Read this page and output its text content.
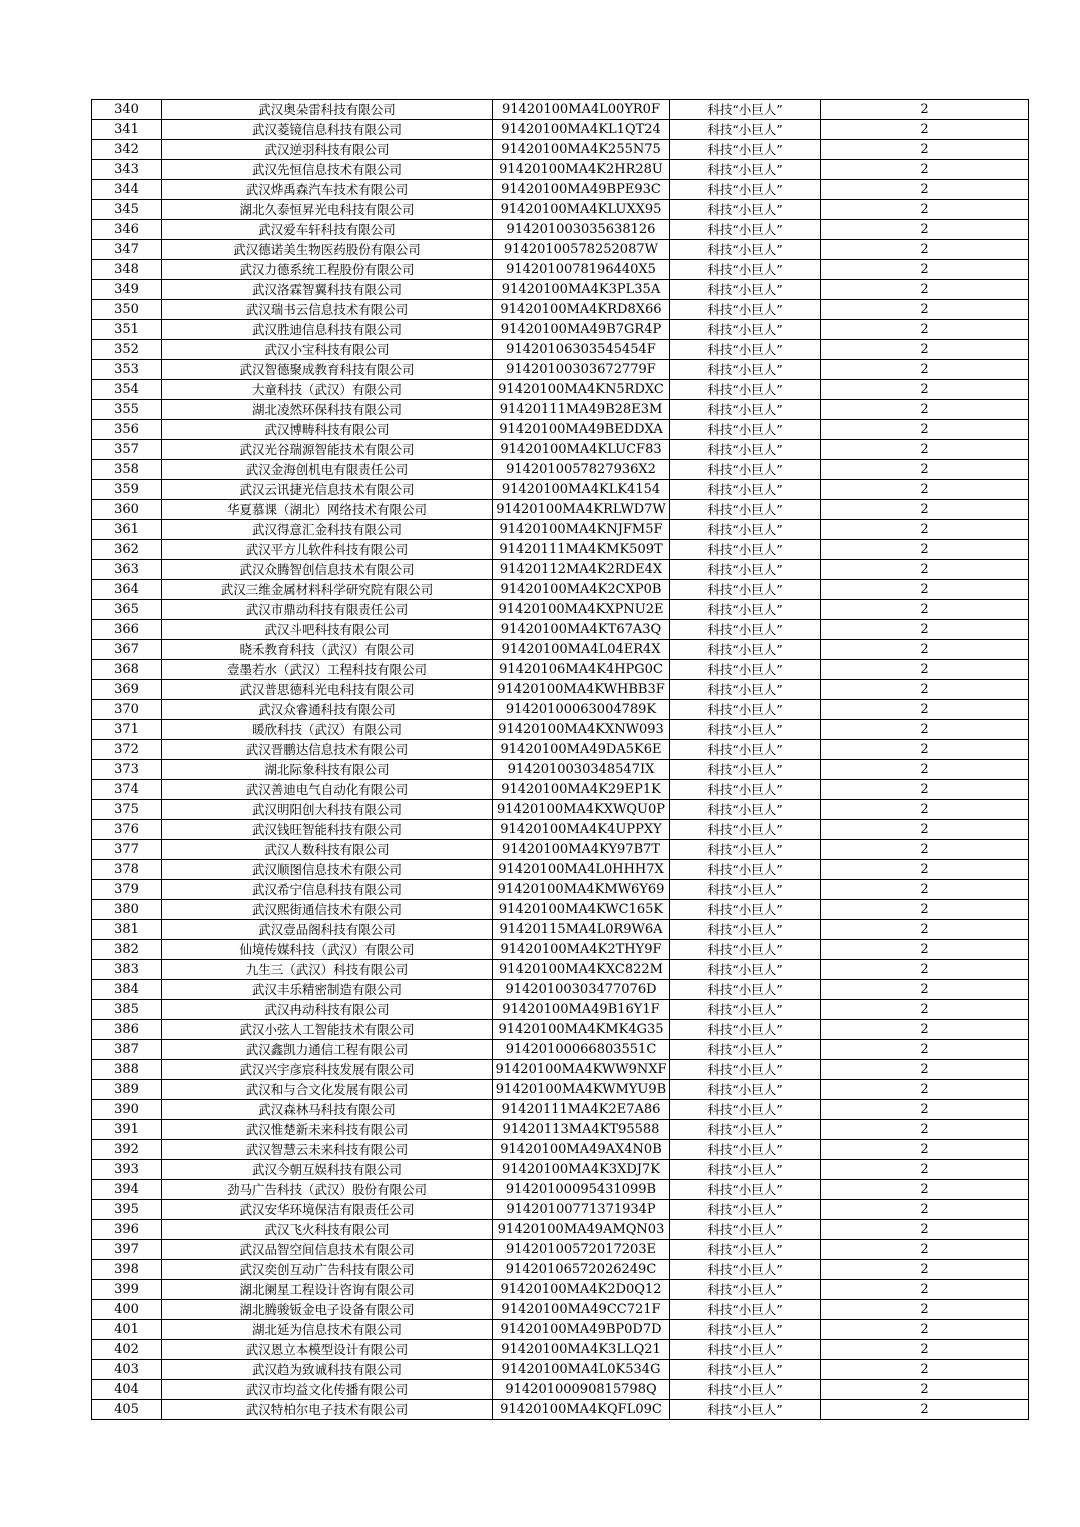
340	武汉奥朵雷科技有限公司	91420100MA4L00YR0F	科技“小巨人”	2
341	武汉菱镜信息科技有限公司	91420100MA4KL1QT24	科技“小巨人”	2
342	武汉逆羽科技有限公司	91420100MA4K255N75	科技“小巨人”	2
343	武汉先恒信息技术有限公司	91420100MA4K2HR28U	科技“小巨人”	2
344	武汉烨禹森汽车技术有限公司	91420100MA49BPE93C	科技“小巨人”	2
345	湖北久泰恒昇光电科技有限公司	91420100MA4KLUXX95	科技“小巨人”	2
346	武汉爱车轩科技有限公司	914201003035638126	科技“小巨人”	2
347	武汉德诺美生物医药股份有限公司	91420100578252087W	科技“小巨人”	2
348	武汉力德系统工程股份有限公司	9142010078196440X5	科技“小巨人”	2
349	武汉洛霖智翼科技有限公司	91420100MA4K3PL35A	科技“小巨人”	2
350	武汉瑞书云信息技术有限公司	91420100MA4KRD8X66	科技“小巨人”	2
351	武汉胜迪信息科技有限公司	91420100MA49B7GR4P	科技“小巨人”	2
352	武汉小宝科技有限公司	91420106303545454F	科技“小巨人”	2
353	武汉智德聚成教育科技有限公司	91420100303672779F	科技“小巨人”	2
354	大童科技（武汉）有限公司	91420100MA4KN5RDXC	科技“小巨人”	2
355	湖北凌然环保科技有限公司	91420111MA49B28E3M	科技“小巨人”	2
356	武汉博畴科技有限公司	91420100MA49BEDDXA	科技“小巨人”	2
357	武汉光谷瑞源智能技术有限公司	91420100MA4KLUCF83	科技“小巨人”	2
358	武汉金海创机电有限责任公司	9142010057827936X2	科技“小巨人”	2
359	武汉云讯捷光信息技术有限公司	91420100MA4KLK4154	科技“小巨人”	2
360	华夏慕课（湖北）网络技术有限公司	91420100MA4KRLWD7W	科技“小巨人”	2
361	武汉得意汇金科技有限公司	91420100MA4KNJFM5F	科技“小巨人”	2
362	武汉平方儿软件科技有限公司	91420111MA4KMK509T	科技“小巨人”	2
363	武汉众腾智创信息技术有限公司	91420112MA4K2RDE4X	科技“小巨人”	2
364	武汉三维金属材料科学研究院有限公司	91420100MA4K2CXP0B	科技“小巨人”	2
365	武汉市鼎动科技有限责任公司	91420100MA4KXPNU2E	科技“小巨人”	2
366	武汉斗吧科技有限公司	91420100MA4KT67A3Q	科技“小巨人”	2
367	晓禾教育科技（武汉）有限公司	91420100MA4L04ER4X	科技“小巨人”	2
368	壹墨若水（武汉）工程科技有限公司	91420106MA4K4HPG0C	科技“小巨人”	2
369	武汉普思德科光电科技有限公司	91420100MA4KWHBB3F	科技“小巨人”	2
370	武汉众睿通科技有限公司	91420100063004789K	科技“小巨人”	2
371	暖欣科技（武汉）有限公司	91420100MA4KXNW093	科技“小巨人”	2
372	武汉晋鹏达信息技术有限公司	91420100MA49DA5K6E	科技“小巨人”	2
373	湖北际象科技有限公司	9142010030348547IX	科技“小巨人”	2
374	武汉善迪电气自动化有限公司	91420100MA4K29EP1K	科技“小巨人”	2
375	武汉明阳创大科技有限公司	91420100MA4KXWQU0P	科技“小巨人”	2
376	武汉钱旺智能科技有限公司	91420100MA4K4UPPXY	科技“小巨人”	2
377	武汉人数科技有限公司	91420100MA4KY97B7T	科技“小巨人”	2
378	武汉顺图信息技术有限公司	91420100MA4L0HHH7X	科技“小巨人”	2
379	武汉希宁信息科技有限公司	91420100MA4KMW6Y69	科技“小巨人”	2
380	武汉熙街通信技术有限公司	91420100MA4KWC165K	科技“小巨人”	2
381	武汉壹品阁科技有限公司	91420115MA4L0R9W6A	科技“小巨人”	2
382	仙境传媒科技（武汉）有限公司	91420100MA4K2THY9F	科技“小巨人”	2
383	九生三（武汉）科技有限公司	91420100MA4KXC822M	科技“小巨人”	2
384	武汉丰乐精密制造有限公司	91420100303477076D	科技“小巨人”	2
385	武汉冉动科技有限公司	91420100MA49B16Y1F	科技“小巨人”	2
386	武汉小弦人工智能技术有限公司	91420100MA4KMK4G35	科技“小巨人”	2
387	武汉鑫凯力通信工程有限公司	91420100066803551C	科技“小巨人”	2
388	武汉兴宇彦宸科技发展有限公司	91420100MA4KWW9NXF	科技“小巨人”	2
389	武汉和与合文化发展有限公司	91420100MA4KWMYU9B	科技“小巨人”	2
390	武汉森林马科技有限公司	91420111MA4K2E7A86	科技“小巨人”	2
391	武汉惟楚新未来科技有限公司	91420113MA4KT95588	科技“小巨人”	2
392	武汉智慧云未来科技有限公司	91420100MA49AX4N0B	科技“小巨人”	2
393	武汉今朝互娱科技有限公司	91420100MA4K3XDJ7K	科技“小巨人”	2
394	劲马广告科技（武汉）股份有限公司	91420100095431099B	科技“小巨人”	2
395	武汉安华环境保洁有限责任公司	91420100771371934P	科技“小巨人”	2
396	武汉飞火科技有限公司	91420100MA49AMQN03	科技“小巨人”	2
397	武汉品智空间信息技术有限公司	91420100572017203E	科技“小巨人”	2
398	武汉奕创互动广告科技有限公司	91420106572026249C	科技“小巨人”	2
399	湖北阑星工程设计咨询有限公司	91420100MA4K2D0Q12	科技“小巨人”	2
400	湖北腾骏钣金电子设备有限公司	91420100MA49CC721F	科技“小巨人”	2
401	湖北延为信息技术有限公司	91420100MA49BP0D7D	科技“小巨人”	2
402	武汉恩立本模型设计有限公司	91420100MA4K3LLQ21	科技“小巨人”	2
403	武汉趋为致诚科技有限公司	91420100MA4L0K534G	科技“小巨人”	2
404	武汉市均益文化传播有限公司	91420100090815798Q	科技“小巨人”	2
405	武汉特柏尔电子技术有限公司	91420100MA4KQFL09C	科技“小巨人”	2
